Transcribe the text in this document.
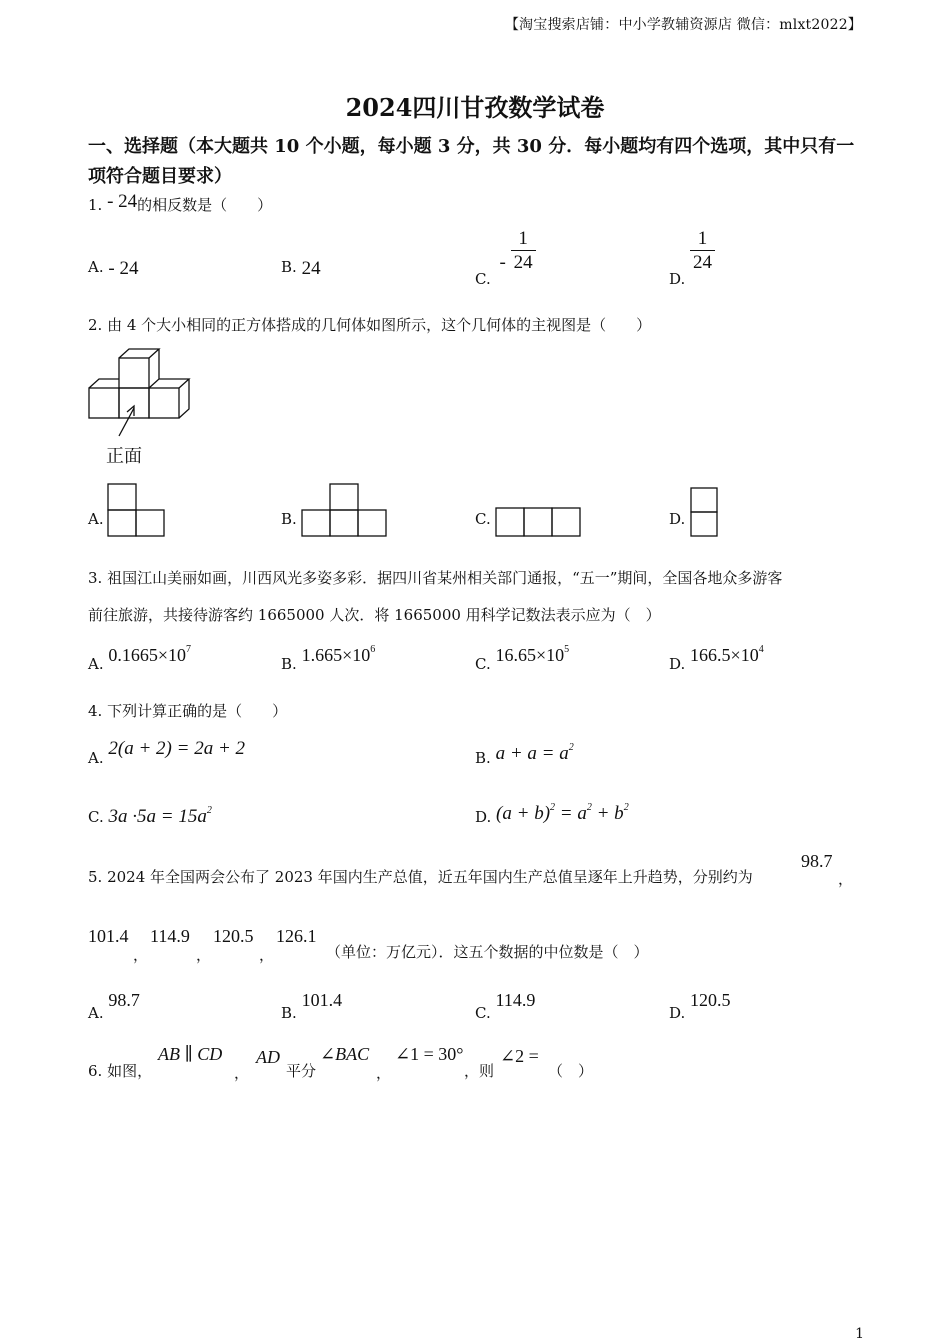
【淘宝搜索店铺：中小学教辅资源店 微信：mlxt2022】
2024四川甘孜数学试卷
一、选择题（本大题共 10 个小题，每小题 3 分，共 30 分．每小题均有四个选项，其中只有一项符合题目要求）
1. - 24的相反数是（　　）
A. - 24	B. 24	C. - $\frac{1}{24}$
D.
$\frac{1}{24}$
2. 由 4 个大小相同的正方体搭成的几何体如图所示，这个几何体的主视图是（　　）
正面
A.	B.	C.	D.
3. 祖国江山美丽如画，川西风光多姿多彩．据四川省某州相关部门通报，“五一”期间，全国各地众多游客
前往旅游，共接待游客约 1665000 人次．将 1665000 用科学记数法表示应为（　）
A. $0.1665\times 10^7$
B. $1.665\times 10^6$
C. $16.65\times 10^5$
D. $166.5\times 10^4$
4. 下列计算正确的是（　　）
A. 2(a + 2) = 2a + 2	B. $a + a = a^2$
C. $3a \cdot 5a = 15a^2$	D. $(a + b)^2 = a^2 + b^2$
5. 2024 年全国两会公布了 2023 年国内生产总值，近五年国内生产总值呈逐年上升趋势，分别约为
98.7
，
101.4
，
114.9
，
120.5
，
126.1
（单位：万亿元）．这五个数据的中位数是（　）
A. 98.7
B. 101.4
C. 114.9
D. 120.5
6. 如图，
AB ∥ CD
，
AD
平分
∠BAC
，
∠1 = 30°
，则
∠2 =
（　）
1
